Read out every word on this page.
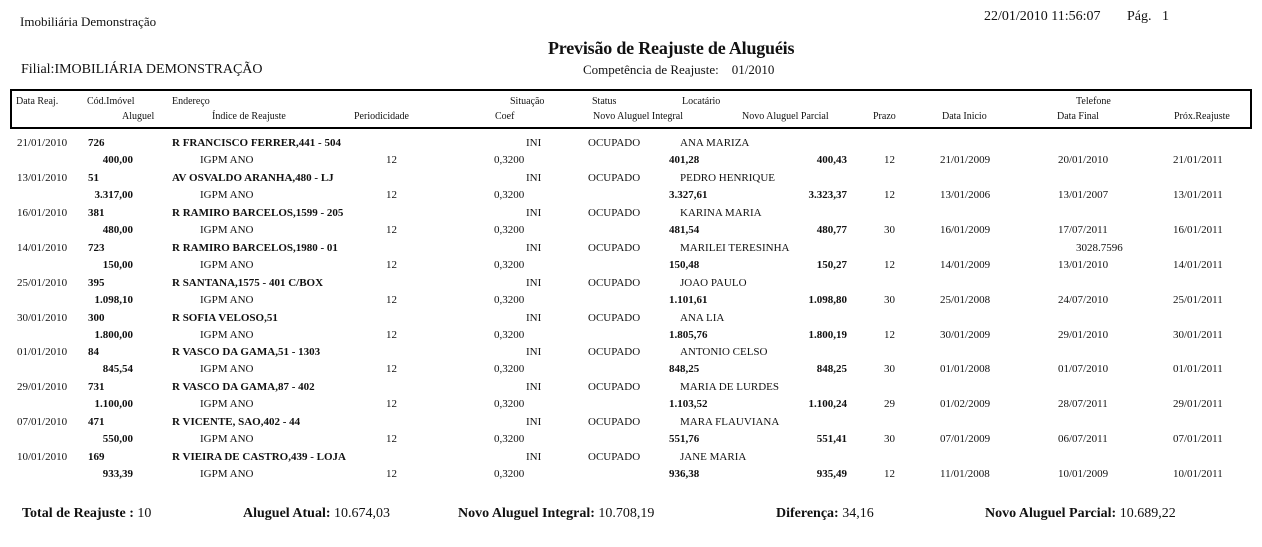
Imobiliária Demonstração	22/01/2010 11:56:07 Pág. 1
Previsão de Reajuste de Aluguéis
Filial:IMOBILIÁRIA DEMONSTRAÇÃO	Competência de Reajuste: 01/2010
Data Reaj.	Cód.Imóvel	Endereço	Situação	Status	Locatário	Telefone
Aluguel	Índice de Reajuste	Periodicidade	Coef	Novo Aluguel Integral	Novo Aluguel Parcial	Prazo	Data Inicio	Data Final	Próx.Reajuste
21/01/2010 726	R FRANCISCO FERRER,441 - 504	INI	OCUPADO	ANA MARIZA
400,00	IGPM ANO	12	0,3200	401,28	400,43	12	21/01/2009	20/01/2010	21/01/2011
13/01/2010 51	AV OSVALDO ARANHA,480 - LJ	INI	OCUPADO	PEDRO HENRIQUE
3.317,00	IGPM ANO	12	0,3200	3.327,61	3.323,37	12	13/01/2006	13/01/2007	13/01/2011
16/01/2010 381	R RAMIRO BARCELOS,1599 - 205	INI	OCUPADO	KARINA MARIA
480,00	IGPM ANO	12	0,3200	481,54	480,77	30	16/01/2009	17/07/2011	16/01/2011
14/01/2010 723	R RAMIRO BARCELOS,1980 - 01	INI	OCUPADO	MARILEI TERESINHA	3028.7596
150,00	IGPM ANO	12	0,3200	150,48	150,27	12	14/01/2009	13/01/2010	14/01/2011
25/01/2010 395	R SANTANA,1575 - 401 C/BOX	INI	OCUPADO	JOAO PAULO
1.098,10	IGPM ANO	12	0,3200	1.101,61	1.098,80	30	25/01/2008	24/07/2010	25/01/2011
30/01/2010 300	R SOFIA VELOSO,51	INI	OCUPADO	ANA LIA
1.800,00	IGPM ANO	12	0,3200	1.805,76	1.800,19	12	30/01/2009	29/01/2010	30/01/2011
01/01/2010 84	R VASCO DA GAMA,51 - 1303	INI	OCUPADO	ANTONIO CELSO
845,54	IGPM ANO	12	0,3200	848,25	848,25	30	01/01/2008	01/07/2010	01/01/2011
29/01/2010 731	R VASCO DA GAMA,87 - 402	INI	OCUPADO	MARIA DE LURDES
1.100,00	IGPM ANO	12	0,3200	1.103,52	1.100,24	29	01/02/2009	28/07/2011	29/01/2011
07/01/2010 471	R VICENTE, SAO,402 - 44	INI	OCUPADO	MARA FLAUVIANA
550,00	IGPM ANO	12	0,3200	551,76	551,41	30	07/01/2009	06/07/2011	07/01/2011
10/01/2010 169	R VIEIRA DE CASTRO,439 - LOJA	INI	OCUPADO	JANE MARIA
933,39	IGPM ANO	12	0,3200	936,38	935,49	12	11/01/2008	10/01/2009	10/01/2011
Total de Reajuste : 10	Aluguel Atual: 10.674,03	Novo Aluguel Integral: 10.708,19	Diferença: 34,16	Novo Aluguel Parcial: 10.689,22
